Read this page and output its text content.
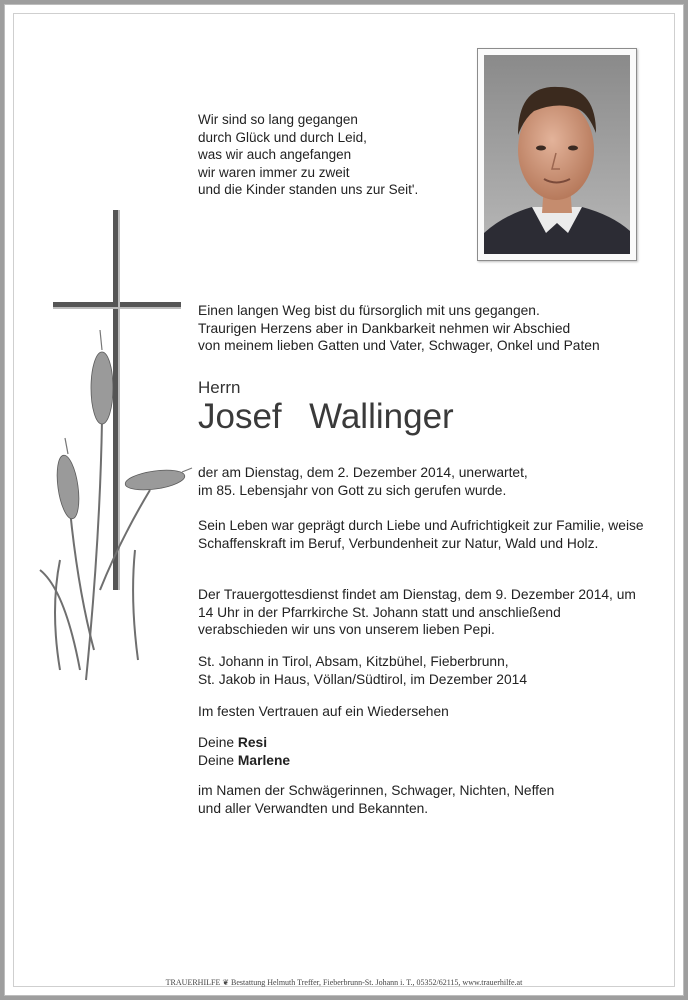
Wir sind so lang gegangen
durch Glück und durch Leid,
was wir auch angefangen
wir waren immer zu zweit
und die Kinder standen uns zur Seit'.
Einen langen Weg bist du fürsorglich mit uns gegangen.
Traurigen Herzens aber in Dankbarkeit nehmen wir Abschied
von meinem lieben Gatten und Vater, Schwager, Onkel und Paten
Herrn
Josef  Wallinger
der am Dienstag, dem 2. Dezember 2014, unerwartet,
im 85. Lebensjahr von Gott zu sich gerufen wurde.
Sein Leben war geprägt durch Liebe und Aufrichtigkeit zur Familie, weise Schaffenskraft im Beruf, Verbundenheit zur Natur, Wald und Holz.
Der Trauergottesdienst findet am Dienstag, dem 9. Dezember 2014, um 14 Uhr in der Pfarrkirche St. Johann statt und anschließend verabschieden wir uns von unserem lieben Pepi.
St. Johann in Tirol, Absam, Kitzbühel, Fieberbrunn,
St. Jakob in Haus, Völlan/Südtirol, im Dezember 2014
Im festen Vertrauen auf ein Wiedersehen
Deine Resi
Deine Marlene
im Namen der Schwägerinnen, Schwager, Nichten, Neffen
und aller Verwandten und Bekannten.
TRAUERHILFE ❦ Bestattung Helmuth Treffer, Fieberbrunn-St. Johann i. T., 05352/62115, www.trauerhilfe.at
